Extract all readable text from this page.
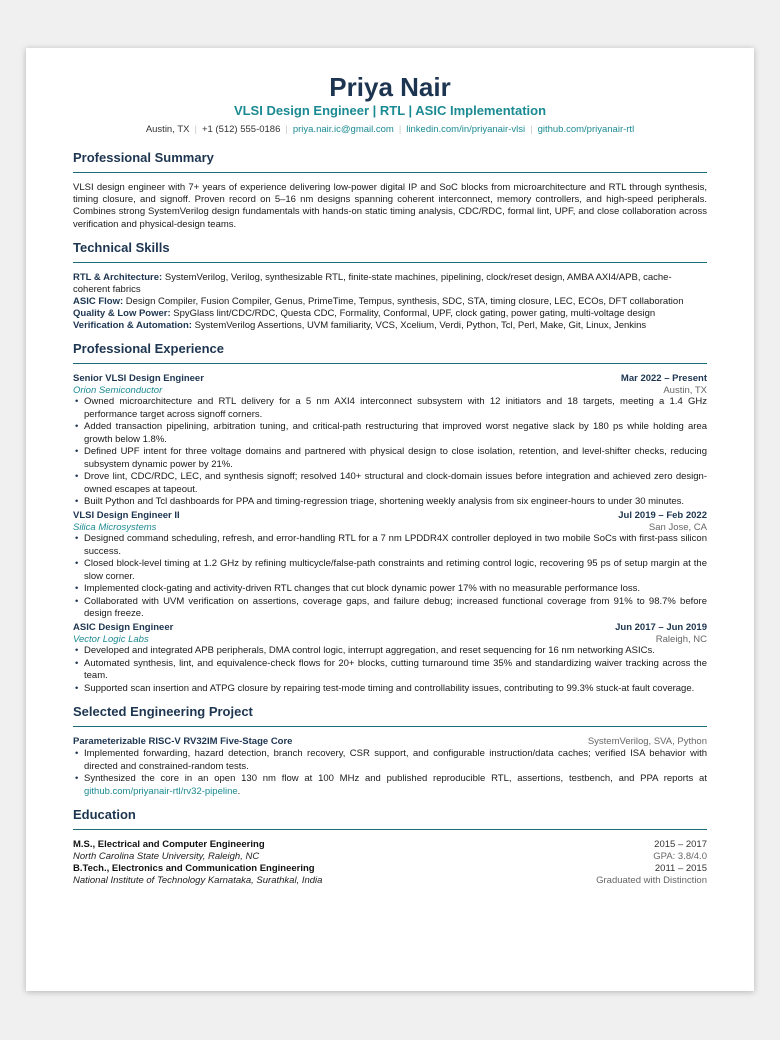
Priya Nair
VLSI Design Engineer | RTL | ASIC Implementation
Austin, TX | +1 (512) 555-0186 | priya.nair.ic@gmail.com | linkedin.com/in/priyanair-vlsi | github.com/priyanair-rtl
Professional Summary
VLSI design engineer with 7+ years of experience delivering low-power digital IP and SoC blocks from microarchitecture and RTL through synthesis, timing closure, and signoff. Proven record on 5–16 nm designs spanning coherent interconnect, memory controllers, and high-speed peripherals. Combines strong SystemVerilog design fundamentals with hands-on static timing analysis, CDC/RDC, formal lint, UPF, and close collaboration across verification and physical-design teams.
Technical Skills
RTL & Architecture: SystemVerilog, Verilog, synthesizable RTL, finite-state machines, pipelining, clock/reset design, AMBA AXI4/APB, cache-coherent fabrics
ASIC Flow: Design Compiler, Fusion Compiler, Genus, PrimeTime, Tempus, synthesis, SDC, STA, timing closure, LEC, ECOs, DFT collaboration
Quality & Low Power: SpyGlass lint/CDC/RDC, Questa CDC, Formality, Conformal, UPF, clock gating, power gating, multi-voltage design
Verification & Automation: SystemVerilog Assertions, UVM familiarity, VCS, Xcelium, Verdi, Python, Tcl, Perl, Make, Git, Linux, Jenkins
Professional Experience
Senior VLSI Design Engineer	Mar 2022 – Present
Orion Semiconductor	Austin, TX
• Owned microarchitecture and RTL delivery for a 5 nm AXI4 interconnect subsystem with 12 initiators and 18 targets, meeting a 1.4 GHz performance target across signoff corners.
• Added transaction pipelining, arbitration tuning, and critical-path restructuring that improved worst negative slack by 180 ps while holding area growth below 1.8%.
• Defined UPF intent for three voltage domains and partnered with physical design to close isolation, retention, and level-shifter checks, reducing subsystem dynamic power by 21%.
• Drove lint, CDC/RDC, LEC, and synthesis signoff; resolved 140+ structural and clock-domain issues before integration and achieved zero design-owned escapes at tapeout.
• Built Python and Tcl dashboards for PPA and timing-regression triage, shortening weekly analysis from six engineer-hours to under 30 minutes.
VLSI Design Engineer II	Jul 2019 – Feb 2022
Silica Microsystems	San Jose, CA
• Designed command scheduling, refresh, and error-handling RTL for a 7 nm LPDDR4X controller deployed in two mobile SoCs with first-pass silicon success.
• Closed block-level timing at 1.2 GHz by refining multicycle/false-path constraints and retiming control logic, recovering 95 ps of setup margin at the slow corner.
• Implemented clock-gating and activity-driven RTL changes that cut block dynamic power 17% with no measurable performance loss.
• Collaborated with UVM verification on assertions, coverage gaps, and failure debug; increased functional coverage from 91% to 98.7% before design freeze.
ASIC Design Engineer	Jun 2017 – Jun 2019
Vector Logic Labs	Raleigh, NC
• Developed and integrated APB peripherals, DMA control logic, interrupt aggregation, and reset sequencing for 16 nm networking ASICs.
• Automated synthesis, lint, and equivalence-check flows for 20+ blocks, cutting turnaround time 35% and standardizing waiver tracking across the team.
• Supported scan insertion and ATPG closure by repairing test-mode timing and controllability issues, contributing to 99.3% stuck-at fault coverage.
Selected Engineering Project
Parameterizable RISC-V RV32IM Five-Stage Core	SystemVerilog, SVA, Python
• Implemented forwarding, hazard detection, branch recovery, CSR support, and configurable instruction/data caches; verified ISA behavior with directed and constrained-random tests.
• Synthesized the core in an open 130 nm flow at 100 MHz and published reproducible RTL, assertions, testbench, and PPA reports at github.com/priyanair-rtl/rv32-pipeline.
Education
M.S., Electrical and Computer Engineering	2015 – 2017
North Carolina State University, Raleigh, NC	GPA: 3.8/4.0
B.Tech., Electronics and Communication Engineering	2011 – 2015
National Institute of Technology Karnataka, Surathkal, India	Graduated with Distinction
